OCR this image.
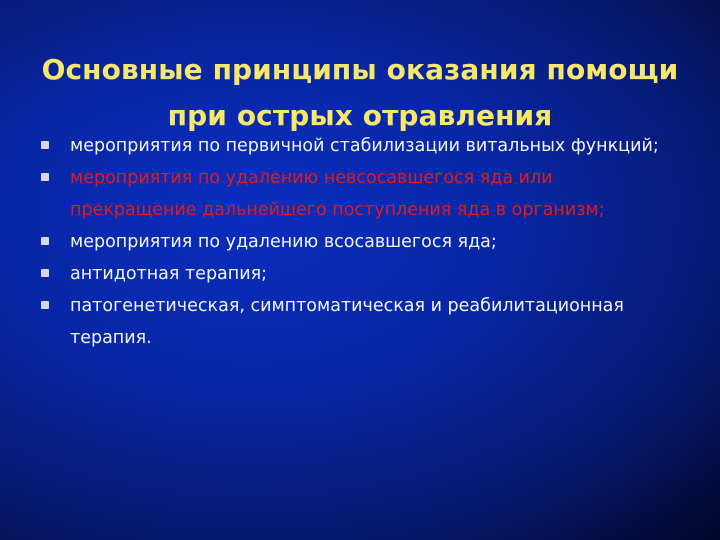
Основные принципы оказания помощи
при острых отравления
мероприятия по первичной стабилизации витальных функций;
мероприятия по удалению невсосавшегося яда или прекращение дальнейшего поступления яда в организм;
мероприятия по удалению всосавшегося яда;
антидотная терапия;
патогенетическая, симптоматическая и реабилитационная терапия.
